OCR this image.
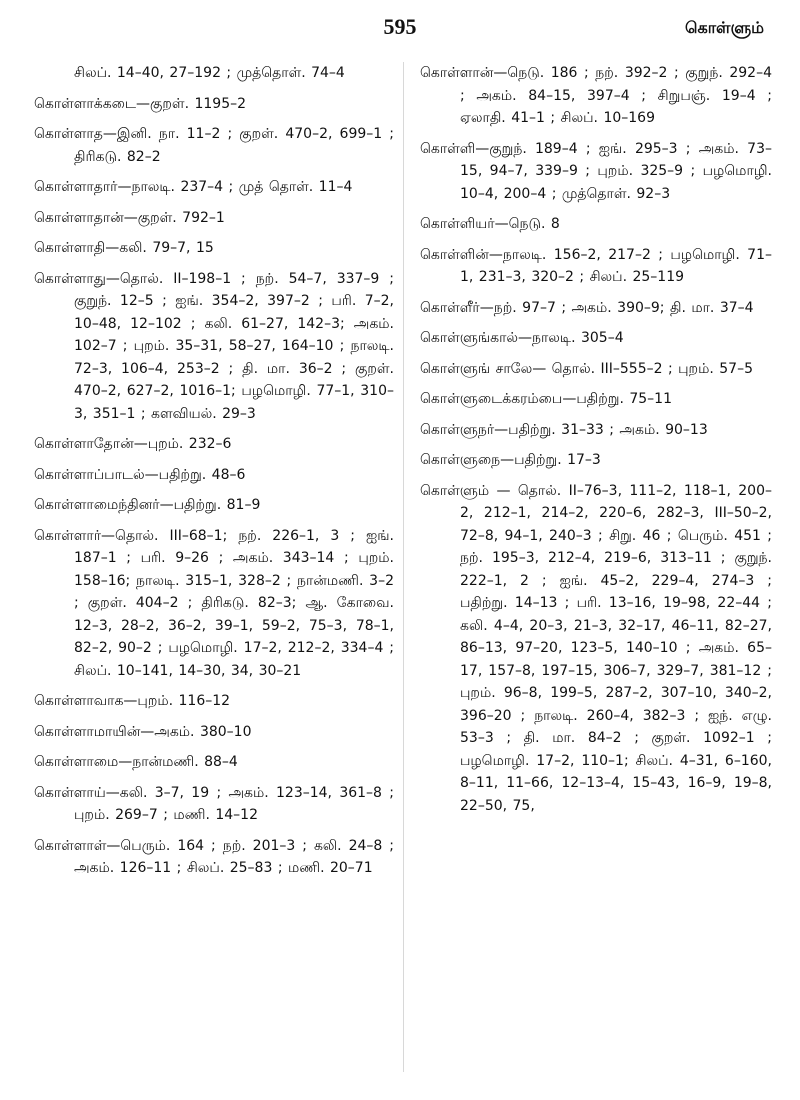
595	கொள்ளும்

சிலப். 14–40, 27–192 ; முத்தொள். 74–4

கொள்ளாக்கடை—குறள். 1195–2

கொள்ளாத—இனி. நா. 11–2 ; குறள். 470–2, 699–1 ; திரிகடு. 82–2

கொள்ளாதார்—நாலடி. 237–4 ; முத் தொள். 11–4

கொள்ளாதான்—குறள். 792–1

கொள்ளாதி—கலி. 79–7, 15

கொள்ளாது—தொல். II–198–1 ; நற். 54–7, 337–9 ; குறுந். 12–5 ; ஐங். 354–2, 397–2 ; பரி. 7–2, 10–48, 12–102 ; கலி. 61–27, 142–3; அகம். 102–7 ; புறம். 35–31, 58–27, 164–10 ; நாலடி. 72–3, 106–4, 253–2 ; தி. மா. 36–2 ; குறள். 470–2, 627–2, 1016–1; பழமொழி. 77–1, 310–3, 351–1 ; களவியல். 29–3

கொள்ளாதோன்—புறம். 232–6

கொள்ளாப்பாடல்—பதிற்று. 48–6

கொள்ளாமைந்தினர்—பதிற்று. 81–9

கொள்ளார்—தொல். III–68–1; நற். 226–1, 3 ; ஐங். 187–1 ; பரி. 9–26 ; அகம். 343–14 ; புறம். 158–16; நாலடி. 315–1, 328–2 ; நான்மணி. 3–2 ; குறள். 404–2 ; திரிகடு. 82–3; ஆ. கோவை. 12–3, 28–2, 36–2, 39–1, 59–2, 75–3, 78–1, 82–2, 90–2 ; பழமொழி. 17–2, 212–2, 334–4 ; சிலப். 10–141, 14–30, 34, 30–21

கொள்ளாவாக—புறம். 116–12

கொள்ளாமாயின்—அகம். 380–10

கொள்ளாமை—நான்மணி. 88–4

கொள்ளாய்—கலி. 3–7, 19 ; அகம். 123–14, 361–8 ; புறம். 269–7 ; மணி. 14–12

கொள்ளாள்—பெரும். 164 ; நற். 201–3 ; கலி. 24–8 ; அகம். 126–11 ; சிலப். 25–83 ; மணி. 20–71

கொள்ளான்—நெடு. 186 ; நற். 392–2 ; குறுந். 292–4 ; அகம். 84–15, 397–4 ; சிறுபஞ். 19–4 ; ஏலாதி. 41–1 ; சிலப். 10–169

கொள்ளி—குறுந். 189–4 ; ஐங். 295–3 ; அகம். 73–15, 94–7, 339–9 ; புறம். 325–9 ; பழமொழி. 10–4, 200–4 ; முத்தொள். 92–3

கொள்ளியர்—நெடு. 8

கொள்ளின்—நாலடி. 156–2, 217–2 ; பழமொழி. 71–1, 231–3, 320–2 ; சிலப். 25–119

கொள்ளீர்—நற். 97–7 ; அகம். 390–9; தி. மா. 37–4

கொள்ளுங்கால்—நாலடி. 305–4

கொள்ளுங் சாலே— தொல். III–555–2 ; புறம். 57–5

கொள்ளுடைக்கரம்பை—பதிற்று. 75–11

கொள்ளுநர்—பதிற்று. 31–33 ; அகம். 90–13

கொள்ளுநை—பதிற்று. 17–3

கொள்ளும் — தொல். II–76–3, 111–2, 118–1, 200–2, 212–1, 214–2, 220–6, 282–3, III–50–2, 72–8, 94–1, 240–3 ; சிறு. 46 ; பெரும். 451 ; நற். 195–3, 212–4, 219–6, 313–11 ; குறுந். 222–1, 2 ; ஐங். 45–2, 229–4, 274–3 ; பதிற்று. 14–13 ; பரி. 13–16, 19–98, 22–44 ; கலி. 4–4, 20–3, 21–3, 32–17, 46–11, 82–27, 86–13, 97–20, 123–5, 140–10 ; அகம். 65–17, 157–8, 197–15, 306–7, 329–7, 381–12 ; புறம். 96–8, 199–5, 287–2, 307–10, 340–2, 396–20 ; நாலடி. 260–4, 382–3 ; ஐந். எழு. 53–3 ; தி. மா. 84–2 ; குறள். 1092–1 ; பழமொழி. 17–2, 110–1; சிலப். 4–31, 6–160, 8–11, 11–66, 12–13–4, 15–43, 16–9, 19–8, 22–50, 75,
